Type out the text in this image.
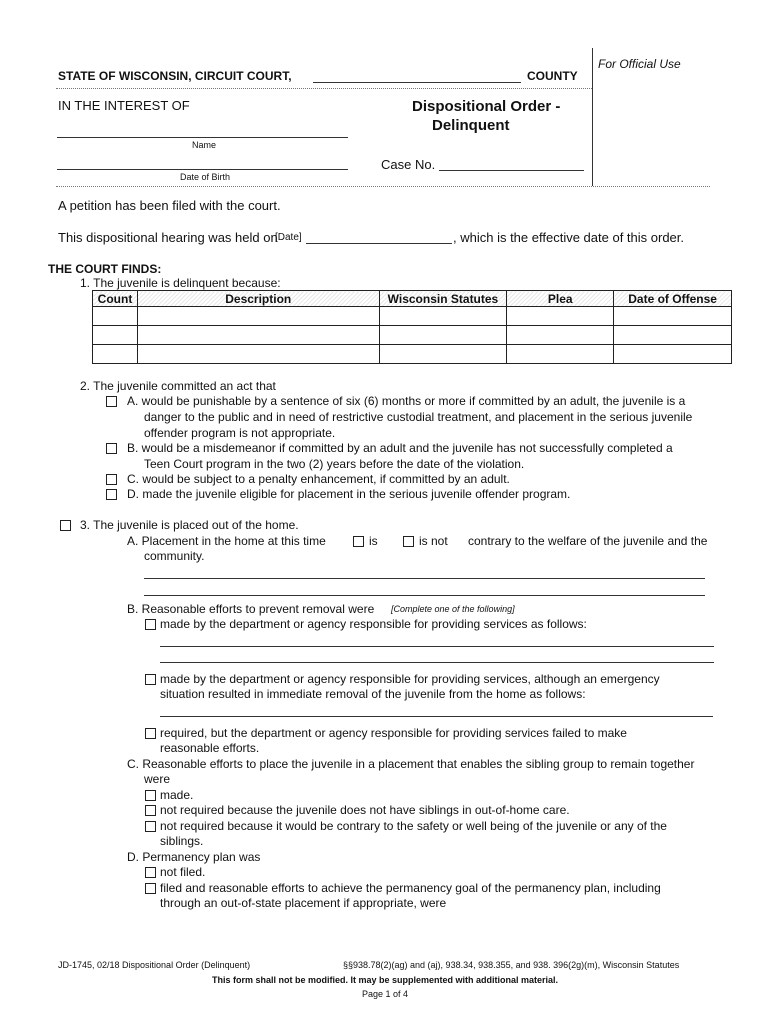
For Official Use
STATE OF WISCONSIN, CIRCUIT COURT,	COUNTY
IN THE INTEREST OF	Dispositional Order -
Delinquent
Name
Date of Birth
Case No.
A petition has been filed with the court.
This dispositional hearing was held on
[Date]	, which is the effective date of this order.
THE COURT FINDS:
1. The juvenile is delinquent because:
Count	Description	Wisconsin Statutes	Plea	Date of Offense

2. The juvenile committed an act that
A. would be punishable by a sentence of six (6) months or more if committed by an adult, the juvenile is a
danger to the public and in need of restrictive custodial treatment, and placement in the serious juvenile
offender program is not appropriate.
B. would be a misdemeanor if committed by an adult and the juvenile has not successfully completed a
Teen Court program in the two (2) years before the date of the violation.
C. would be subject to a penalty enhancement, if committed by an adult.
D. made the juvenile eligible for placement in the serious juvenile offender program.
3. The juvenile is placed out of the home.
A. Placement in the home at this time	is	is not contrary to the welfare of the juvenile and the
community.
B. Reasonable efforts to prevent removal were [Complete one of the following]
made by the department or agency responsible for providing services as follows:
made by the department or agency responsible for providing services, although an emergency
situation resulted in immediate removal of the juvenile from the home as follows:
required, but the department or agency responsible for providing services failed to make
reasonable efforts.
C. Reasonable efforts to place the juvenile in a placement that enables the sibling group to remain together
were
made.
not required because the juvenile does not have siblings in out-of-home care.
not required because it would be contrary to the safety or well being of the juvenile or any of the
siblings.
D. Permanency plan was
not filed.
filed and reasonable efforts to achieve the permanency goal of the permanency plan, including
through an out-of-state placement if appropriate, were
JD-1745, 02/18 Dispositional Order (Delinquent)	§§938.78(2)(ag) and (aj), 938.34, 938.355, and 938. 396(2g)(m), Wisconsin Statutes
This form shall not be modified. It may be supplemented with additional material.
Page 1 of 4
